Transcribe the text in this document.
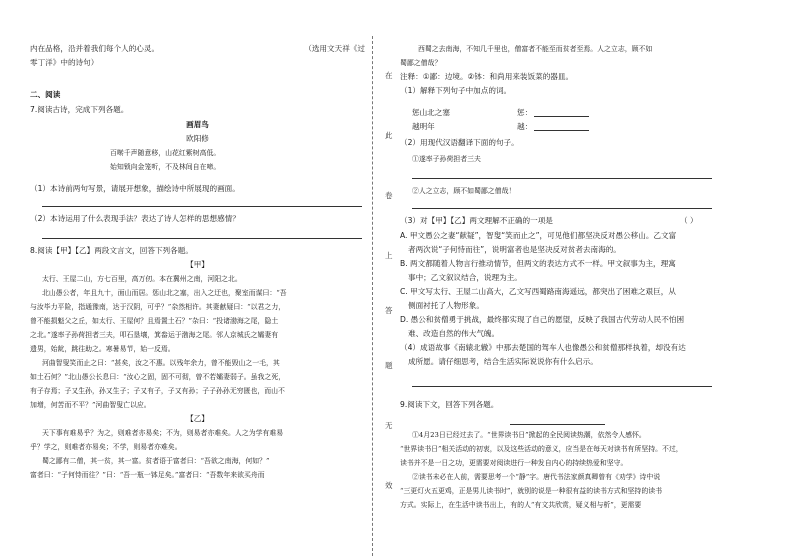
内在品格，沿并着我们每个人的心灵。	（选用文天祥《过

零丁洋》中的诗句）

二、阅读

7.阅读古诗，完成下列各题。

画眉鸟

欧阳修

百啭千声随意移，山花红紫树高低。

始知锁向金笼听，不及林间自在啼。

（1）本诗前两句写景，请展开想象，描绘诗中所展现的画面。

（2）本诗运用了什么表现手法？表达了诗人怎样的思想感情？

8.阅读【甲】【乙】两段文言文，回答下列各题。

【甲】

太行、王屋二山，方七百里，高万仞。本在冀州之南，河阳之北。

北山愚公者，年且九十，面山而居。惩山北之塞，出入之迂也，聚室而谋曰：“吾

与汝毕力平险，指通豫南，达于汉阴，可乎？”杂然相许。其妻献疑曰：“以君之力，

曾不能损魁父之丘，如太行、王屋何？且焉置土石？”杂曰：“投诸渤海之尾，隐土

之北。”遂率子孙荷担者三夫，叩石垦壤，箕畚运于渤海之尾。邻人京城氏之孀妻有

遗男，始龀，跳往助之。寒暑易节，始一反焉。

河曲智叟笑而止之曰：“甚矣，汝之不惠。以残年余力，曾不能毁山之一毛，其

如土石何？”北山愚公长息曰：“汝心之固，固不可彻，曾不若孀妻弱子。虽我之死，

有子存焉；子又生孙，孙又生子；子又有子，子又有孙；子子孙孙无穷匮也，而山不

加增，何苦而不平？”河曲智叟亡以应。

【乙】

天下事有难易乎？为之，则难者亦易矣；不为，则易者亦难矣。人之为学有难易

乎？学之，则难者亦易矣；不学，则易者亦难矣。

蜀之鄙有二僧，其一贫，其一富。贫者语于富者曰：“吾欲之南海，何如？”

富者曰：“子何恃而往？”曰：“吾一瓶一钵足矣。”富者曰：“吾数年来欲买舟而

在
此
卷
上
答
题
无
效

西蜀之去南海，不知几千里也，僧富者不能至而贫者至焉。人之立志，顾不如

蜀鄙之僧哉？

注释：①鄙：边境。②钵：和尚用来装饭菜的器皿。

（1）解释下列句子中加点的词。

惩山北之塞	惩：

越明年	越：

（2）用现代汉语翻译下面的句子。

①遂率子孙荷担者三夫

②人之立志，顾不如蜀鄙之僧哉！

（3）对【甲】【乙】两文理解不正确的一项是	（ ）

A. 甲文愚公之妻“献疑”，智叟“笑而止之”，可见他们都坚决反对愚公移山。乙文富

者两次说“子何恃而往”，说明富者也是坚决反对贫者去南海的。

B. 两文都随着人物言行推动情节，但两文的表达方式不一样。甲文叙事为主，理寓

事中；乙文叙议结合，说理为主。

C. 甲文写太行、王屋二山高大，乙文写西蜀路南海遥远，都突出了困难之艰巨，从

侧面衬托了人物形象。

D. 愚公和贫僧勇于挑战，最终都实现了自己的愿望，反映了我国古代劳动人民不怕困

难、改造自然的伟大气魄。

（4）成语故事《南辕北辙》中那去楚国的驾车人也像愚公和贫僧那样执着，却没有达

成所愿。请仔细思考，结合生活实际说说你有什么启示。

9.阅读下文，回答下列各题。

①4月23日已经过去了。“世界读书日”掀起的全民阅读热潮，依然令人感怀。

“世界读书日”相关活动的初衷，以及这些活动的意义，应当是在每天对读书有所坚持。不过，

读书并不是一日之功，更需要对阅读进行一种发自内心的持续热爱和坚守。

②读书未必在人前，需要思考一个“静”字。唐代书法家颜真卿曾有《劝学》诗中说

“三更灯火五更鸡，正是男儿读书时”，就别的说是一种很有益的读书方式和坚持的读书

方式。实际上，在生活中读书出上，有的人“有文共欣赏，疑义相与析”，更需要
